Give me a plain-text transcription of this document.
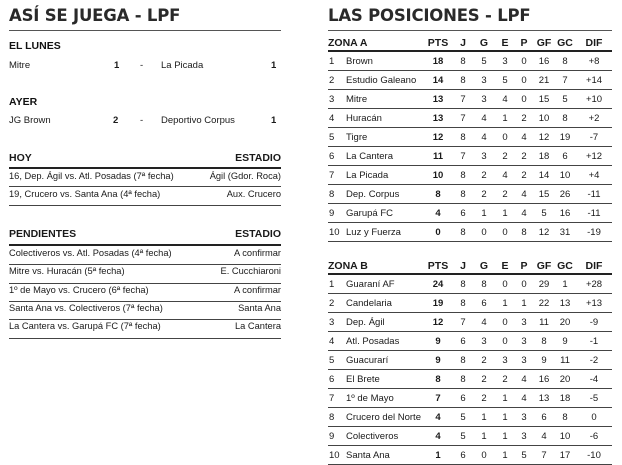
ASÍ SE JUEGA - LPF
EL LUNES
Mitre	1 - La Picada	1
AYER
JG Brown	2 - Deportivo Corpus	1
HOY	ESTADIO
16, Dep. Ágil vs. Atl. Posadas (7ª fecha)	Ágil (Gdor. Roca)
19, Crucero vs. Santa Ana (4ª fecha)	Aux. Crucero
PENDIENTES	ESTADIO
Colectiveros vs. Atl. Posadas (4ª fecha)	A confirmar
Mitre vs. Huracán (5ª fecha)	E. Cucchiaroni
1º de Mayo vs. Crucero (6ª fecha)	A confirmar
Santa Ana vs. Colectiveros (7ª fecha)	Santa Ana
La Cantera vs. Garupá FC (7ª fecha)	La Cantera
LAS POSICIONES - LPF
ZONA A	PTS	J	G	E	P GF GC	DIF
1	Brown	18	8	5	3	0	16	8	+8
2	Estudio Galeano	14	8	3	5	0	21	7	+14
3	Mitre	13	7	3	4	0	15	5	+10
4	Huracán	13	7	4	1	2	10	8	+2
5	Tigre	12	8	4	0	4	12	19	-7
6	La Cantera	11	7	3	2	2	18	6	+12
7	La Picada	10	8	2	4	2	14	10	+4
8	Dep. Corpus	8	8	2	2	4	15	26	-11
9	Garupá FC	4	6	1	1	4	5	16	-11
10 Luz y Fuerza	0	8	0	0	8	12	31	-19
ZONA B	PTS	J	G	E	P GF GC	DIF
1	Guaraní AF	24	8	8	0	0	29	1	+28
2	Candelaria	19	8	6	1	1	22	13	+13
3	Dep. Ágil	12	7	4	0	3	11	20	-9
4	Atl. Posadas	9	6	3	0	3	8	9	-1
5	Guacurarí	9	8	2	3	3	9	11	-2
6	El Brete	8	8	2	2	4	16	20	-4
7	1º de Mayo	7	6	2	1	4	13	18	-5
8	Crucero del Norte	4	5	1	1	3	6	8	0
9	Colectiveros	4	5	1	1	3	4	10	-6
10 Santa Ana	1	6	0	1	5	7	17	-10
